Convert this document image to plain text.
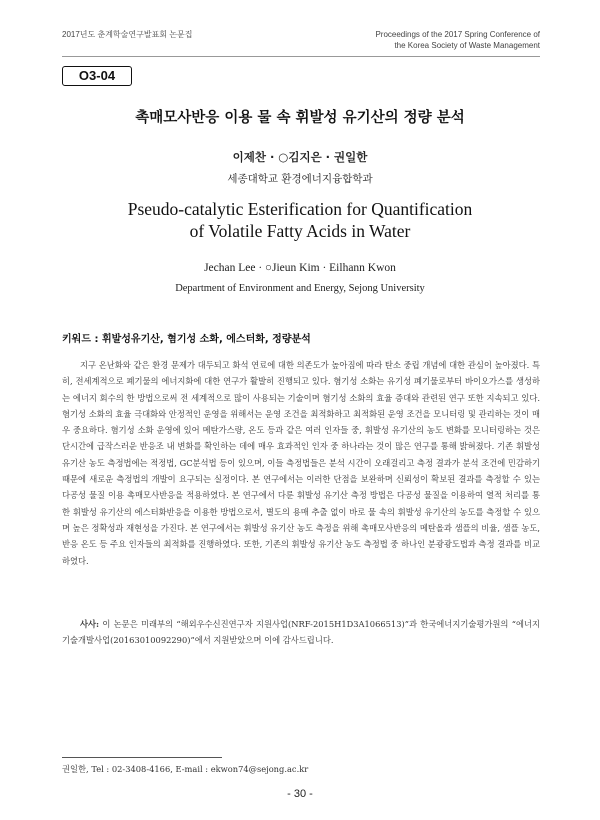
2017년도 춘계학술연구발표회 논문집	Proceedings of the 2017 Spring Conference of
the Korea Society of Waste Management
O3-04
촉매모사반응 이용 물 속 휘발성 유기산의 정량 분석
이제찬 · ○김지은 · 권일한
세종대학교 환경에너지융합학과
Pseudo-catalytic Esterification for Quantification
of Volatile Fatty Acids in Water
Jechan Lee · ○Jieun Kim · Eilhann Kwon
Department of Environment and Energy, Sejong University
키워드 : 휘발성유기산, 혐기성 소화, 에스터화, 정량분석

지구 온난화와 같은 환경 문제가 대두되고 화석 연료에 대한 의존도가 높아짐에 따라 탄소 중립 개념에 대한 관심이 높아졌다. 특히, 전세계적으로 폐기물의 에너지화에 대한 연구가 활발히 진행되고 있다. 혐기성 소화는 유기성 폐기물로부터 바이오가스를 생성하는 에너지 회수의 한 방법으로써 전 세계적으로 많이 사용되는 기술이며 혐기성 소화의 효율 증대와 관련된 연구 또한 지속되고 있다. 혐기성 소화의 효율 극대화와 안정적인 운영을 위해서는 운영 조건을 최적화하고 최적화된 운영 조건을 모니터링 및 관리하는 것이 매우 중요하다. 혐기성 소화 운영에 있어 메탄가스량, 온도 등과 같은 여러 인자들 중, 휘발성 유기산의 농도 변화를 모니터링하는 것은 단시간에 급작스러운 반응조 내 변화를 확인하는 데에 매우 효과적인 인자 중 하나라는 것이 많은 연구를 통해 밝혀졌다. 기존 휘발성 유기산 농도 측정법에는 적정법, GC분석법 등이 있으며, 이들 측정법들은 분석 시간이 오래걸리고 측정 결과가 분석 조건에 민감하기 때문에 새로운 측정법의 개발이 요구되는 실정이다. 본 연구에서는 이러한 단점을 보완하며 신뢰성이 확보된 결과를 측정할 수 있는 다공성 물질 이용 촉매모사반응을 적용하였다. 본 연구에서 다룬 휘발성 유기산 측정 방법은 다공성 물질을 이용하여 열적 처리를 통한 휘발성 유기산의 에스터화반응을 이용한 방법으로서, 별도의 용매 추출 없이 바로 물 속의 휘발성 유기산의 농도를 측정할 수 있으며 높은 정확성과 재현성을 가진다. 본 연구에서는 휘발성 유기산 농도 측정을 위해 촉매모사반응의 메탄올과 샘플의 비율, 샘플 농도, 반응 온도 등 주요 인자들의 최적화를 진행하였다. 또한, 기존의 휘발성 유기산 농도 측정법 중 하나인 분광광도법과 측정 결과를 비교하였다.

사사: 이 논문은 미래부의 “해외우수신진연구자 지원사업(NRF-2015H1D3A1066513)”과 한국에너지기술평가원의 “에너지기술개발사업(20163010092290)”에서 지원받았으며 이에 감사드립니다.

권일한, Tel : 02-3408-4166, E-mail : ekwon74@sejong.ac.kr
- 30 -
